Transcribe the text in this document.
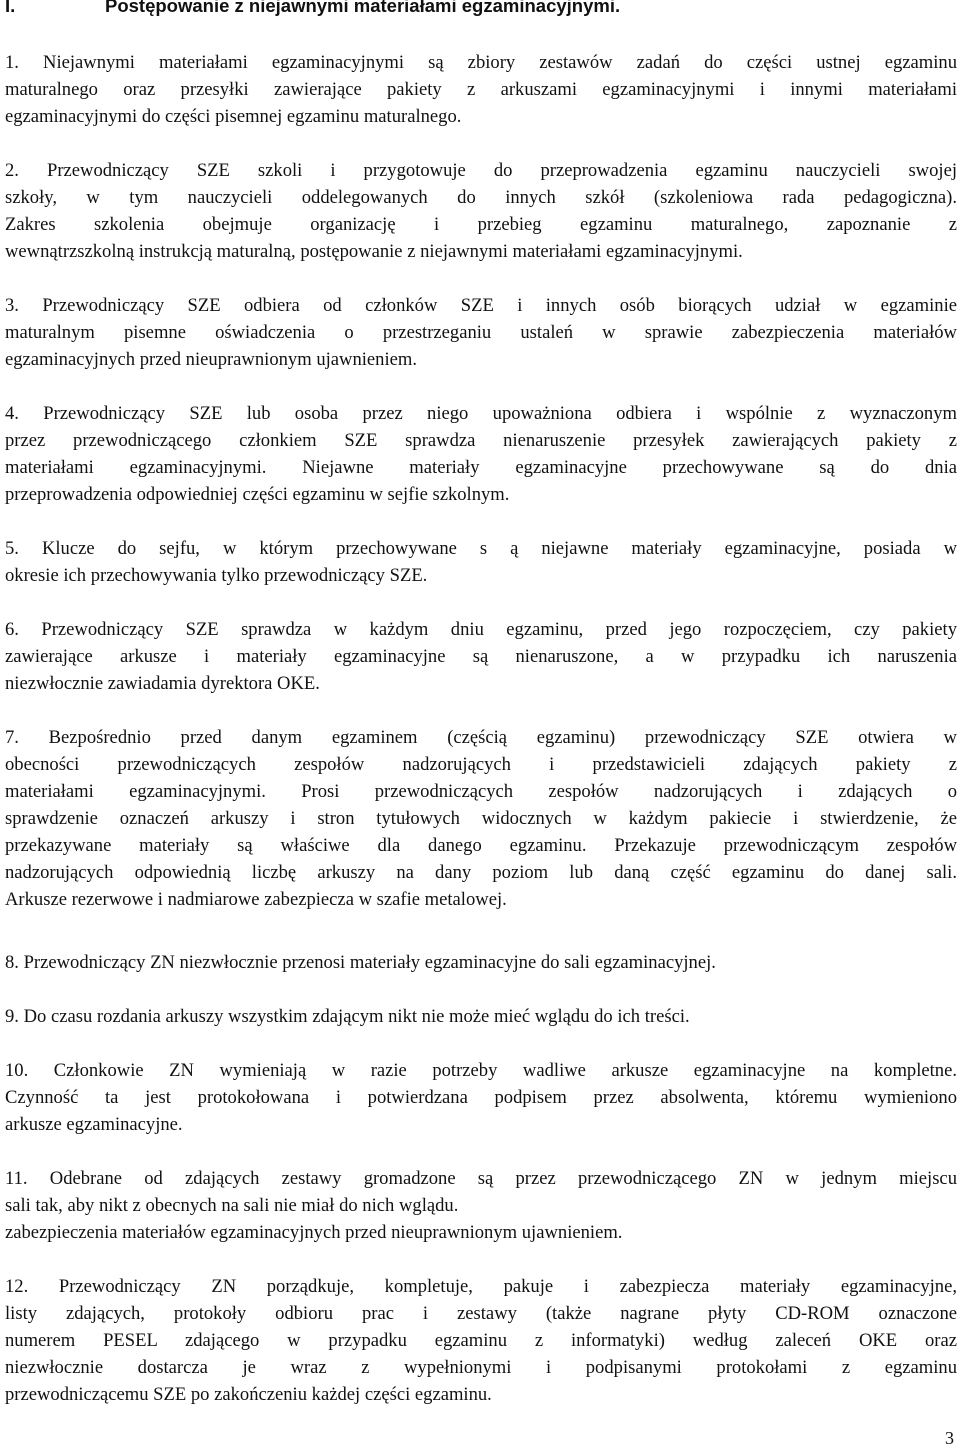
I.	Postępowanie z niejawnymi materiałami egzaminacyjnymi.
1. Niejawnymi materiałami egzaminacyjnymi są zbiory zestawów zadań do części ustnej egzaminu
maturalnego oraz przesyłki zawierające pakiety z arkuszami egzaminacyjnymi i innymi materiałami
egzaminacyjnymi do części pisemnej egzaminu maturalnego.
2. Przewodniczący SZE szkoli i przygotowuje do przeprowadzenia egzaminu nauczycieli swojej
szkoły, w tym nauczycieli oddelegowanych do innych szkół (szkoleniowa rada pedagogiczna).
Zakres szkolenia obejmuje organizację i przebieg egzaminu maturalnego, zapoznanie z
wewnątrzszkolną instrukcją maturalną, postępowanie z niejawnymi materiałami egzaminacyjnymi.
3. Przewodniczący SZE odbiera od członków SZE i innych osób biorących udział w egzaminie
maturalnym pisemne oświadczenia o przestrzeganiu ustaleń w sprawie zabezpieczenia materiałów
egzaminacyjnych przed nieuprawnionym ujawnieniem.
4. Przewodniczący SZE lub osoba przez niego upoważniona odbiera i wspólnie z wyznaczonym
przez przewodniczącego członkiem SZE sprawdza nienaruszenie przesyłek zawierających pakiety z
materiałami egzaminacyjnymi. Niejawne materiały egzaminacyjne przechowywane są do dnia
przeprowadzenia odpowiedniej części egzaminu w sejfie szkolnym.
5. Klucze do sejfu, w którym przechowywane s ą niejawne materiały egzaminacyjne, posiada w
okresie ich przechowywania tylko przewodniczący SZE.
6. Przewodniczący SZE sprawdza w każdym dniu egzaminu, przed jego rozpoczęciem, czy pakiety
zawierające arkusze i materiały egzaminacyjne są nienaruszone, a w przypadku ich naruszenia
niezwłocznie zawiadamia dyrektora OKE.
7. Bezpośrednio przed danym egzaminem (częścią egzaminu) przewodniczący SZE otwiera w
obecności przewodniczących zespołów nadzorujących i przedstawicieli zdających pakiety z
materiałami egzaminacyjnymi. Prosi przewodniczących zespołów nadzorujących i zdających o
sprawdzenie oznaczeń arkuszy i stron tytułowych widocznych w każdym pakiecie i stwierdzenie, że
przekazywane materiały są właściwe dla danego egzaminu. Przekazuje przewodniczącym zespołów
nadzorujących odpowiednią liczbę arkuszy na dany poziom lub daną część egzaminu do danej sali.
Arkusze rezerwowe i nadmiarowe zabezpiecza w szafie metalowej.
8. Przewodniczący ZN niezwłocznie przenosi materiały egzaminacyjne do sali egzaminacyjnej.
9. Do czasu rozdania arkuszy wszystkim zdającym nikt nie może mieć wglądu do ich treści.
10. Członkowie ZN wymieniają w razie potrzeby wadliwe arkusze egzaminacyjne na kompletne.
Czynność ta jest protokołowana i potwierdzana podpisem przez absolwenta, któremu wymieniono
arkusze egzaminacyjne.
11. Odebrane od zdających zestawy gromadzone są przez przewodniczącego ZN w jednym miejscu
sali tak, aby nikt z obecnych na sali nie miał do nich wglądu.
zabezpieczenia materiałów egzaminacyjnych przed nieuprawnionym ujawnieniem.
12. Przewodniczący ZN porządkuje, kompletuje, pakuje i zabezpiecza materiały egzaminacyjne,
listy zdających, protokoły odbioru prac i zestawy (także nagrane płyty CD-ROM oznaczone
numerem PESEL zdającego w przypadku egzaminu z informatyki) według zaleceń OKE oraz
niezwłocznie dostarcza je wraz z wypełnionymi i podpisanymi protokołami z egzaminu
przewodniczącemu SZE po zakończeniu każdej części egzaminu.
3
